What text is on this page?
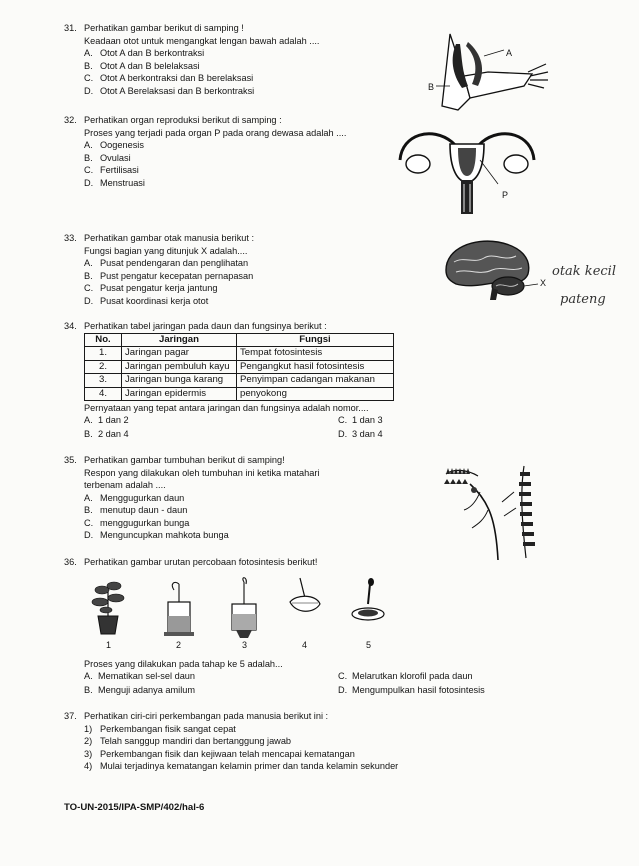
31. Perhatikan gambar berikut di samping !
Keadaan otot untuk mengangkat lengan bawah adalah ....
A. Otot A dan B berkontraksi
B. Otot A dan B belelaksasi
C. Otot A berkontraksi dan B berelaksasi
D. Otot A Berelaksasi dan B berkontraksi
A
B
32. Perhatikan organ reproduksi berikut di samping :
Proses yang terjadi pada organ P pada orang dewasa adalah ....
A. Oogenesis
B. Ovulasi
C. Fertilisasi
D. Menstruasi
P
33. Perhatikan gambar otak manusia berikut :
Fungsi bagian yang ditunjuk X adalah....
A. Pusat pendengaran dan penglihatan
B. Pust pengatur kecepatan pernapasan
C. Pusat pengatur kerja jantung
D. Pusat koordinasi kerja otot
X
otak kecil
pateng
34. Perhatikan tabel jaringan pada daun dan fungsinya berikut :
No.	Jaringan	Fungsi
1.	Jaringan pagar	Tempat fotosintesis
2.	Jaringan pembuluh kayu	Pengangkut hasil fotosintesis
3.	Jaringan bunga karang	Penyimpan cadangan makanan
4.	Jaringan epidermis	penyokong
Pernyataan yang tepat antara jaringan dan fungsinya adalah nomor....
A. 1 dan 2	C. 1 dan 3
B. 2 dan 4	D. 3 dan 4
35. Perhatikan gambar tumbuhan berikut di samping!
Respon yang dilakukan oleh tumbuhan ini ketika matahari
terbenam adalah ....
A. Menggugurkan daun
B. menutup daun - daun
C. menggugurkan bunga
D. Menguncupkan mahkota bunga
36. Perhatikan gambar urutan percobaan fotosintesis berikut!
1	2	3	4	5
Proses yang dilakukan pada tahap ke 5 adalah...
A. Mematikan sel-sel daun	C. Melarutkan klorofil pada daun
B. Menguji adanya amilum	D. Mengumpulkan hasil fotosintesis
37. Perhatikan ciri-ciri perkembangan pada manusia berikut ini :
1) Perkembangan fisik sangat cepat
2) Telah sanggup mandiri dan bertanggung jawab
3) Perkembangan fisik dan kejiwaan telah mencapai kematangan
4) Mulai terjadinya kematangan kelamin primer dan tanda kelamin sekunder
TO-UN-2015/IPA-SMP/402/hal-6
